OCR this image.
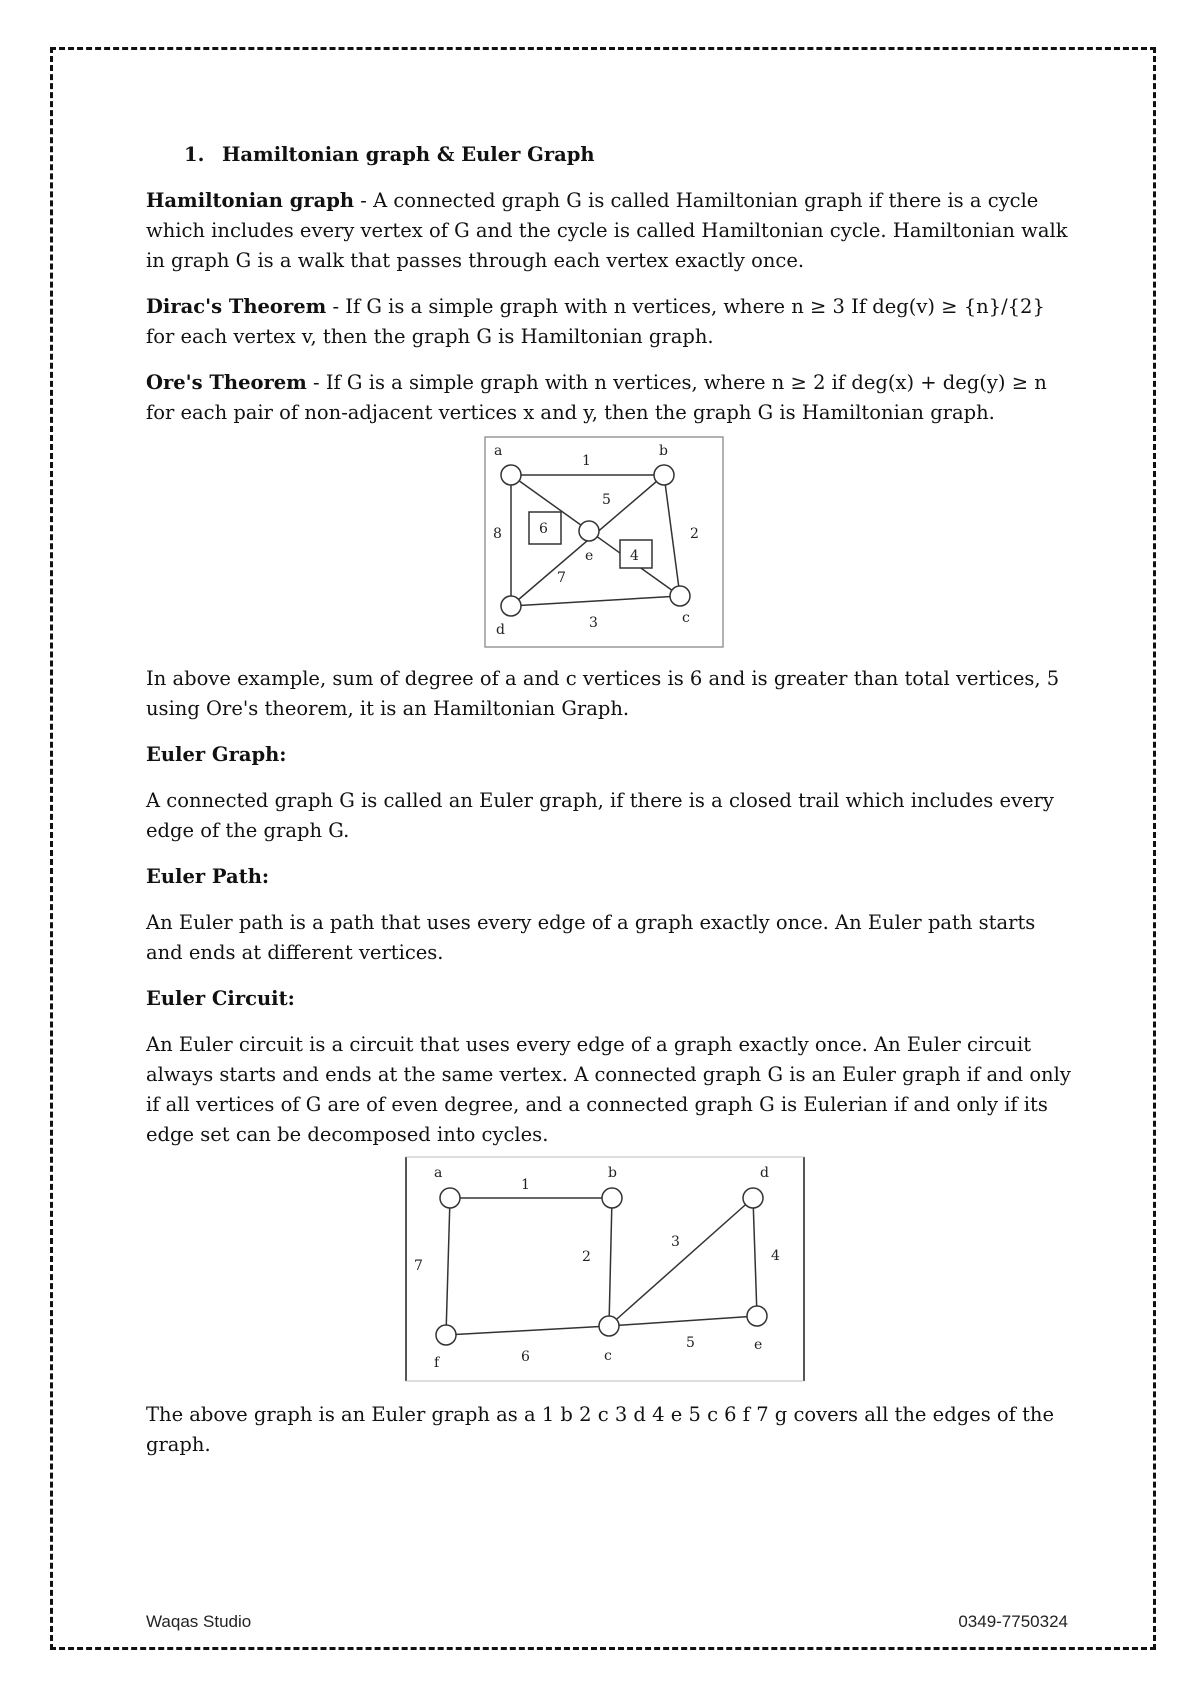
1. Hamiltonian graph & Euler Graph

Hamiltonian graph - A connected graph G is called Hamiltonian graph if there is a cycle which includes every vertex of G and the cycle is called Hamiltonian cycle. Hamiltonian walk in graph G is a walk that passes through each vertex exactly once.

Dirac's Theorem - If G is a simple graph with n vertices, where n ≥ 3 If deg(v) ≥ {n}/{2} for each vertex v, then the graph G is Hamiltonian graph.

Ore's Theorem - If G is a simple graph with n vertices, where n ≥ 2 if deg(x) + deg(y) ≥ n for each pair of non-adjacent vertices x and y, then the graph G is Hamiltonian graph.

a	b
e
d
c
1
5
8	6	2
4
7
3

In above example, sum of degree of a and c vertices is 6 and is greater than total vertices, 5 using Ore's theorem, it is an Hamiltonian Graph.

Euler Graph:

A connected graph G is called an Euler graph, if there is a closed trail which includes every edge of the graph G.

Euler Path:

An Euler path is a path that uses every edge of a graph exactly once. An Euler path starts and ends at different vertices.

Euler Circuit:

An Euler circuit is a circuit that uses every edge of a graph exactly once. An Euler circuit always starts and ends at the same vertex. A connected graph G is an Euler graph if and only if all vertices of G are of even degree, and a connected graph G is Eulerian if and only if its edge set can be decomposed into cycles.

a	b	d
f	c
e
1
7
2
3
4
6
5

The above graph is an Euler graph as a 1 b 2 c 3 d 4 e 5 c 6 f 7 g covers all the edges of the graph.

Waqas Studio	0349-7750324
